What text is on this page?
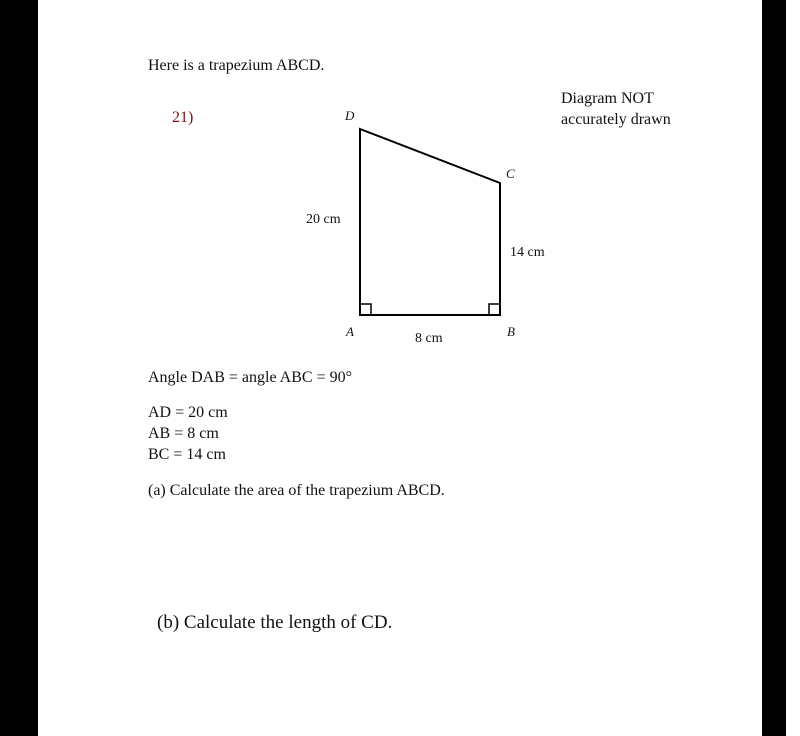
Here is a trapezium ABCD.
21)
Diagram NOT
accurately drawn
D
C
A	B
20 cm
14 cm
8 cm
Angle DAB = angle ABC = 90°
AD = 20 cm
AB = 8 cm
BC = 14 cm
(a) Calculate the area of the trapezium ABCD.
(b) Calculate the length of CD.
